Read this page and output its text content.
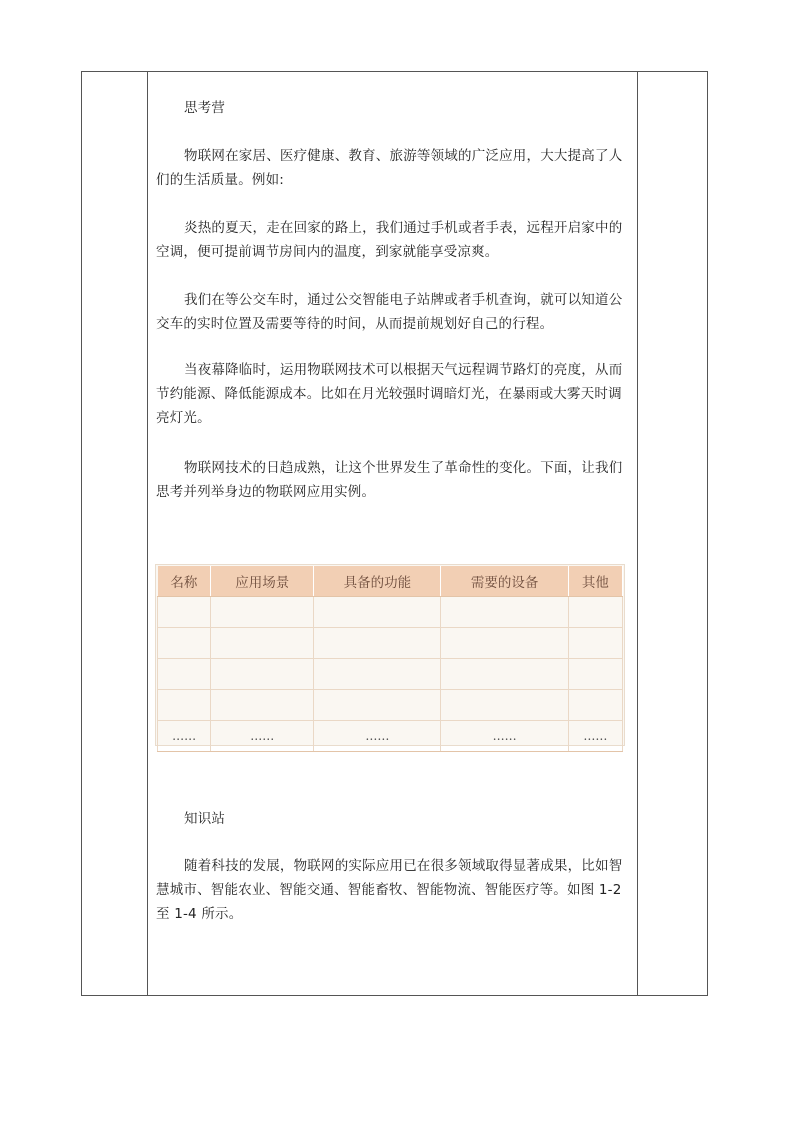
思考营
物联网在家居、医疗健康、教育、旅游等领域的广泛应用，大大提高了人们的生活质量。例如:
炎热的夏天，走在回家的路上，我们通过手机或者手表，远程开启家中的空调，便可提前调节房间内的温度，到家就能享受凉爽。
我们在等公交车时，通过公交智能电子站牌或者手机查询，就可以知道公交车的实时位置及需要等待的时间，从而提前规划好自己的行程。
当夜幕降临时，运用物联网技术可以根据天气远程调节路灯的亮度，从而节约能源、降低能源成本。比如在月光较强时调暗灯光，在暴雨或大雾天时调亮灯光。
物联网技术的日趋成熟，让这个世界发生了革命性的变化。下面，让我们思考并列举身边的物联网应用实例。
名称	应用场景	具备的功能	需要的设备	其他

……	……	……	……	……
知识站
随着科技的发展，物联网的实际应用已在很多领域取得显著成果，比如智慧城市、智能农业、智能交通、智能畜牧、智能物流、智能医疗等。如图 1-2 至 1-4 所示。
